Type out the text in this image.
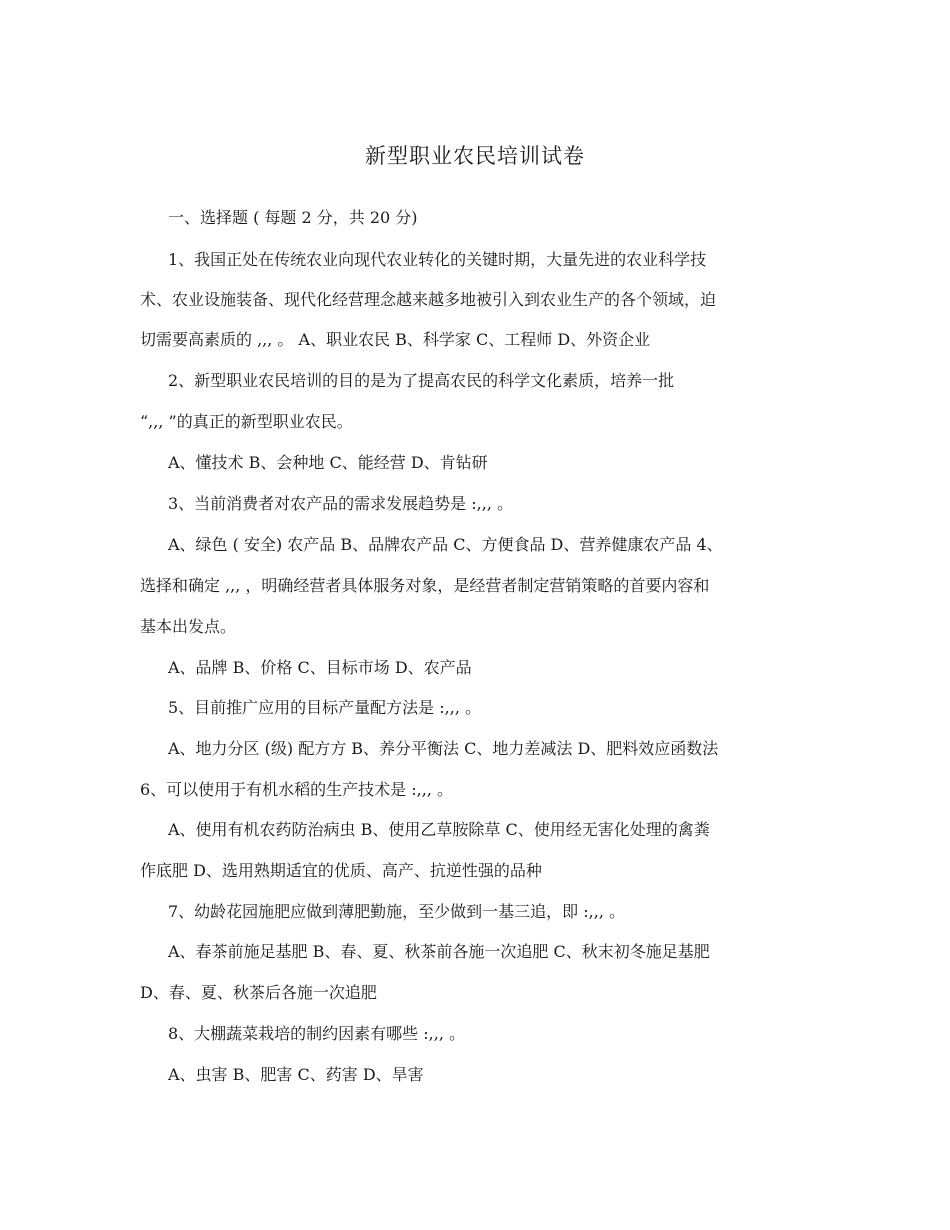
新型职业农民培训试卷
一、选择题 ( 每题 2 分，共 20 分)
1、我国正处在传统农业向现代农业转化的关键时期，大量先进的农业科学技
术、农业设施装备、现代化经营理念越来越多地被引入到农业生产的各个领域，迫
切需要高素质的 ,,, 。 A、职业农民 B、科学家 C、工程师 D、外资企业
2、新型职业农民培训的目的是为了提高农民的科学文化素质，培养一批
“,,, ”的真正的新型职业农民。
A、懂技术 B、会种地 C、能经营 D、肯钻研
3、当前消费者对农产品的需求发展趋势是 :,,, 。
A、绿色 ( 安全) 农产品 B、品牌农产品 C、方便食品 D、营养健康农产品 4、
选择和确定 ,,, ，明确经营者具体服务对象，是经营者制定营销策略的首要内容和
基本出发点。
A、品牌 B、价格 C、目标市场 D、农产品
5、目前推广应用的目标产量配方法是 :,,, 。
A、地力分区 (级) 配方方 B、养分平衡法 C、地力差减法 D、肥料效应函数法
6、可以使用于有机水稻的生产技术是 :,,, 。
A、使用有机农药防治病虫 B、使用乙草胺除草 C、使用经无害化处理的禽粪
作底肥 D、选用熟期适宜的优质、高产、抗逆性强的品种
7、幼龄花园施肥应做到薄肥勤施，至少做到一基三追，即 :,,, 。
A、春茶前施足基肥 B、春、夏、秋茶前各施一次追肥 C、秋末初冬施足基肥
D、春、夏、秋茶后各施一次追肥
8、大棚蔬菜栽培的制约因素有哪些 :,,, 。
A、虫害 B、肥害 C、药害 D、旱害
